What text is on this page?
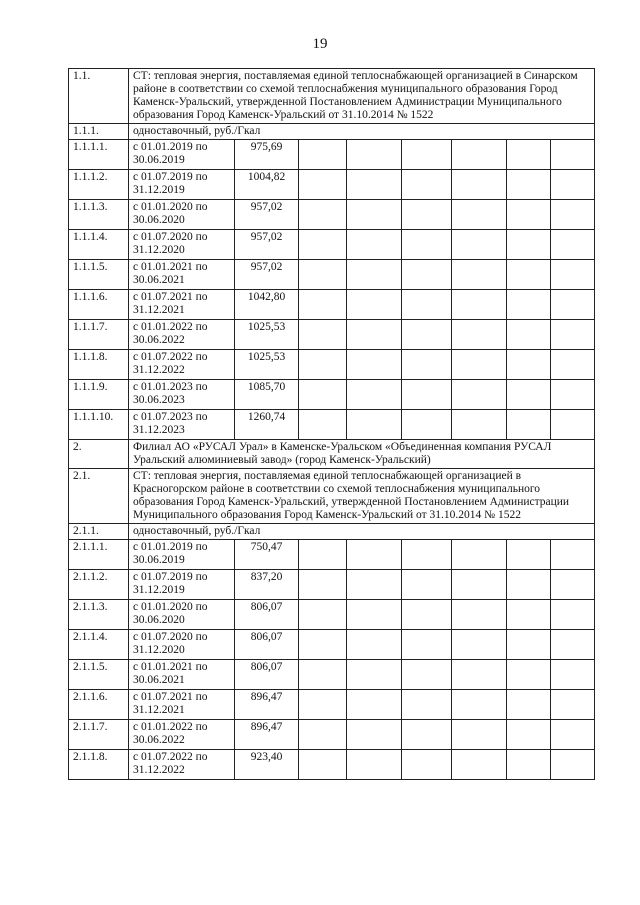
19
1.1.	СТ: тепловая энергия, поставляемая единой теплоснабжающей организацией в Синарском районе в соответствии со схемой теплоснабжения муниципального образования Город Каменск-Уральский, утвержденной Постановлением Администрации Муниципального образования Город Каменск-Уральский от 31.10.2014 № 1522							
1.1.1.	одноставочный, руб./Гкал							
1.1.1.1.	с 01.01.2019 по 30.06.2019	975,69						
1.1.1.2.	с 01.07.2019 по 31.12.2019	1004,82						
1.1.1.3.	с 01.01.2020 по 30.06.2020	957,02						
1.1.1.4.	с 01.07.2020 по 31.12.2020	957,02						
1.1.1.5.	с 01.01.2021 по 30.06.2021	957,02						
1.1.1.6.	с 01.07.2021 по 31.12.2021	1042,80						
1.1.1.7.	с 01.01.2022 по 30.06.2022	1025,53						
1.1.1.8.	с 01.07.2022 по 31.12.2022	1025,53						
1.1.1.9.	с 01.01.2023 по 30.06.2023	1085,70						
1.1.1.10.	с 01.07.2023 по 31.12.2023	1260,74						
2.	Филиал АО «РУСАЛ Урал» в Каменске-Уральском «Объединенная компания РУСАЛ Уральский алюминиевый завод» (город Каменск-Уральский)							
2.1.	СТ: тепловая энергия, поставляемая единой теплоснабжающей организацией в Красногорском районе в соответствии со схемой теплоснабжения муниципального образования Город Каменск-Уральский, утвержденной Постановлением Администрации Муниципального образования Город Каменск-Уральский от 31.10.2014 № 1522							
2.1.1.	одноставочный, руб./Гкал							
2.1.1.1.	с 01.01.2019 по 30.06.2019	750,47						
2.1.1.2.	с 01.07.2019 по 31.12.2019	837,20						
2.1.1.3.	с 01.01.2020 по 30.06.2020	806,07						
2.1.1.4.	с 01.07.2020 по 31.12.2020	806,07						
2.1.1.5.	с 01.01.2021 по 30.06.2021	806,07						
2.1.1.6.	с 01.07.2021 по 31.12.2021	896,47						
2.1.1.7.	с 01.01.2022 по 30.06.2022	896,47						
2.1.1.8.	с 01.07.2022 по 31.12.2022	923,40						
